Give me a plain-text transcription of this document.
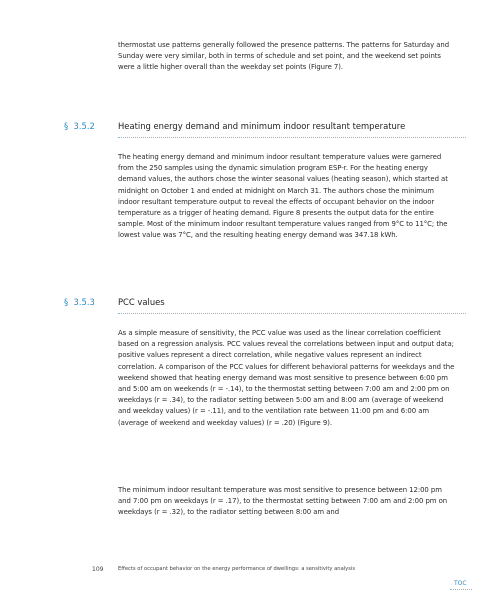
thermostat use patterns generally followed the presence patterns. The patterns for Saturday and Sunday were very similar, both in terms of schedule and set point, and the weekend set points were a little higher overall than the weekday set points (Figure 7).

§ 3.5.2	Heating energy demand and minimum indoor resultant temperature

The heating energy demand and minimum indoor resultant temperature values were garnered from the 250 samples using the dynamic simulation program ESP-r. For the heating energy demand values, the authors chose the winter seasonal values (heating season), which started at midnight on October 1 and ended at midnight on March 31. The authors chose the minimum indoor resultant temperature output to reveal the effects of occupant behavior on the indoor temperature as a trigger of heating demand. Figure 8 presents the output data for the entire sample. Most of the minimum indoor resultant temperature values ranged from 9°C to 11°C; the lowest value was 7°C, and the resulting heating energy demand was 347.18 kWh.

§ 3.5.3	PCC values

As a simple measure of sensitivity, the PCC value was used as the linear correlation coefficient based on a regression analysis. PCC values reveal the correlations between input and output data; positive values represent a direct correlation, while negative values represent an indirect correlation. A comparison of the PCC values for different behavioral patterns for weekdays and the weekend showed that heating energy demand was most sensitive to presence between 6:00 pm and 5:00 am on weekends (r = -.14), to the thermostat setting between 7:00 am and 2:00 pm on weekdays (r = .34), to the radiator setting between 5:00 am and 8:00 am (average of weekend and weekday values) (r = -.11), and to the ventilation rate between 11:00 pm and 6:00 am (average of weekend and weekday values) (r = .20) (Figure 9).

The minimum indoor resultant temperature was most sensitive to presence between 12:00 pm and 7:00 pm on weekdays (r = .17), to the thermostat setting between 7:00 am and 2:00 pm on weekdays (r = .32), to the radiator setting between 8:00 am and

109	Effects of occupant behavior on the energy performance of dwellings: a sensitivity analysis
TOC
